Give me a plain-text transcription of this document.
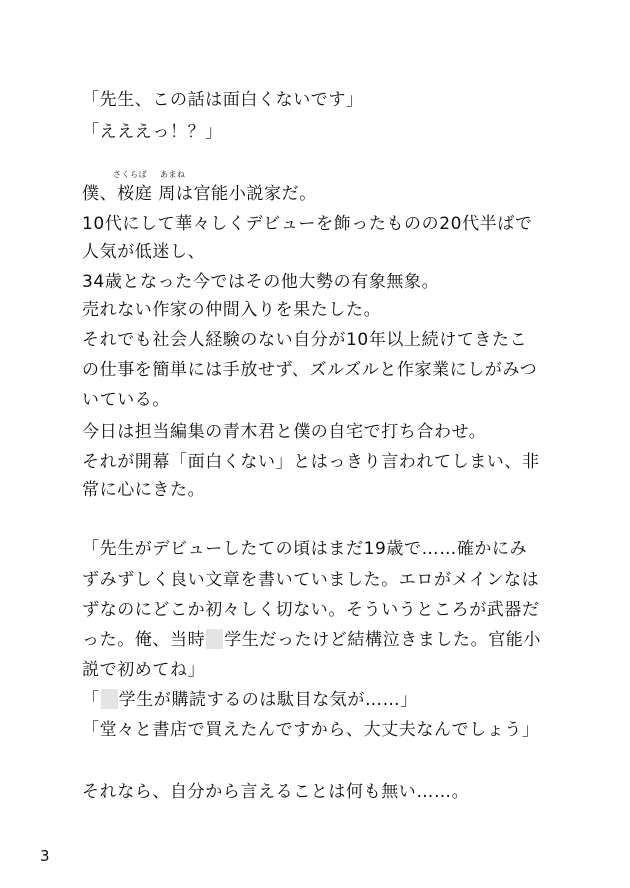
「先生、この話は面白くないです」
「えええっ！？」
さくらば あまね
僕、桜庭 周は官能小説家だ。
10代にして華々しくデビューを飾ったものの20代半ばで
人気が低迷し、
34歳となった今ではその他大勢の有象無象。
売れない作家の仲間入りを果たした。
それでも社会人経験のない自分が10年以上続けてきたこ
の仕事を簡単には手放せず、ズルズルと作家業にしがみつ
いている。
今日は担当編集の青木君と僕の自宅で打ち合わせ。
それが開幕「面白くない」とはっきり言われてしまい、非
常に心にきた。
「先生がデビューしたての頃はまだ19歳で……確かにみ
ずみずしく良い文章を書いていました。エロがメインなは
ずなのにどこか初々しく切ない。そういうところが武器だ
った。俺、当時 学生だったけど結構泣きました。官能小
説で初めてね」
「 学生が購読するのは駄目な気が……」
「堂々と書店で買えたんですから、大丈夫なんでしょう」
それなら、自分から言えることは何も無い……。
3
